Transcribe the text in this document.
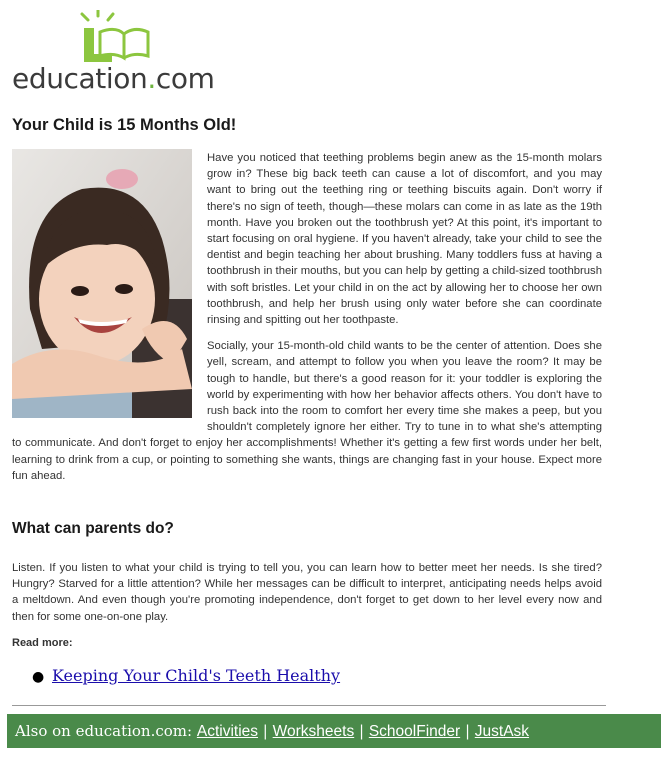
education.com
Your Child is 15 Months Old!

Have you noticed that teething problems begin anew as the 15-month molars grow in? These big back teeth can cause a lot of discomfort, and you may want to bring out the teething ring or teething biscuits again. Don't worry if there's no sign of teeth, though—these molars can come in as late as the 19th month. Have you broken out the toothbrush yet? At this point, it's important to start focusing on oral hygiene. If you haven't already, take your child to see the dentist and begin teaching her about brushing. Many toddlers fuss at having a toothbrush in their mouths, but you can help by getting a child-sized toothbrush with soft bristles. Let your child in on the act by allowing her to choose her own toothbrush, and help her brush using only water before she can coordinate rinsing and spitting out her toothpaste.

Socially, your 15-month-old child wants to be the center of attention. Does she yell, scream, and attempt to follow you when you leave the room? It may be tough to handle, but there's a good reason for it: your toddler is exploring the world by experimenting with how her behavior affects others. You don't have to rush back into the room to comfort her every time she makes a peep, but you shouldn't completely ignore her either. Try to tune in to what she's attempting to communicate. And don't forget to enjoy her accomplishments! Whether it's getting a few first words under her belt, learning to drink from a cup, or pointing to something she wants, things are changing fast in your house. Expect more fun ahead.

What can parents do?

Listen. If you listen to what your child is trying to tell you, you can learn how to better meet her needs. Is she tired? Hungry? Starved for a little attention? While her messages can be difficult to interpret, anticipating needs helps avoid a meltdown. And even though you're promoting independence, don't forget to get down to her level every now and then for some one-on-one play.

Read more:
● Keeping Your Child's Teeth Healthy
Also on education.com: Activities | Worksheets | SchoolFinder | JustAsk
